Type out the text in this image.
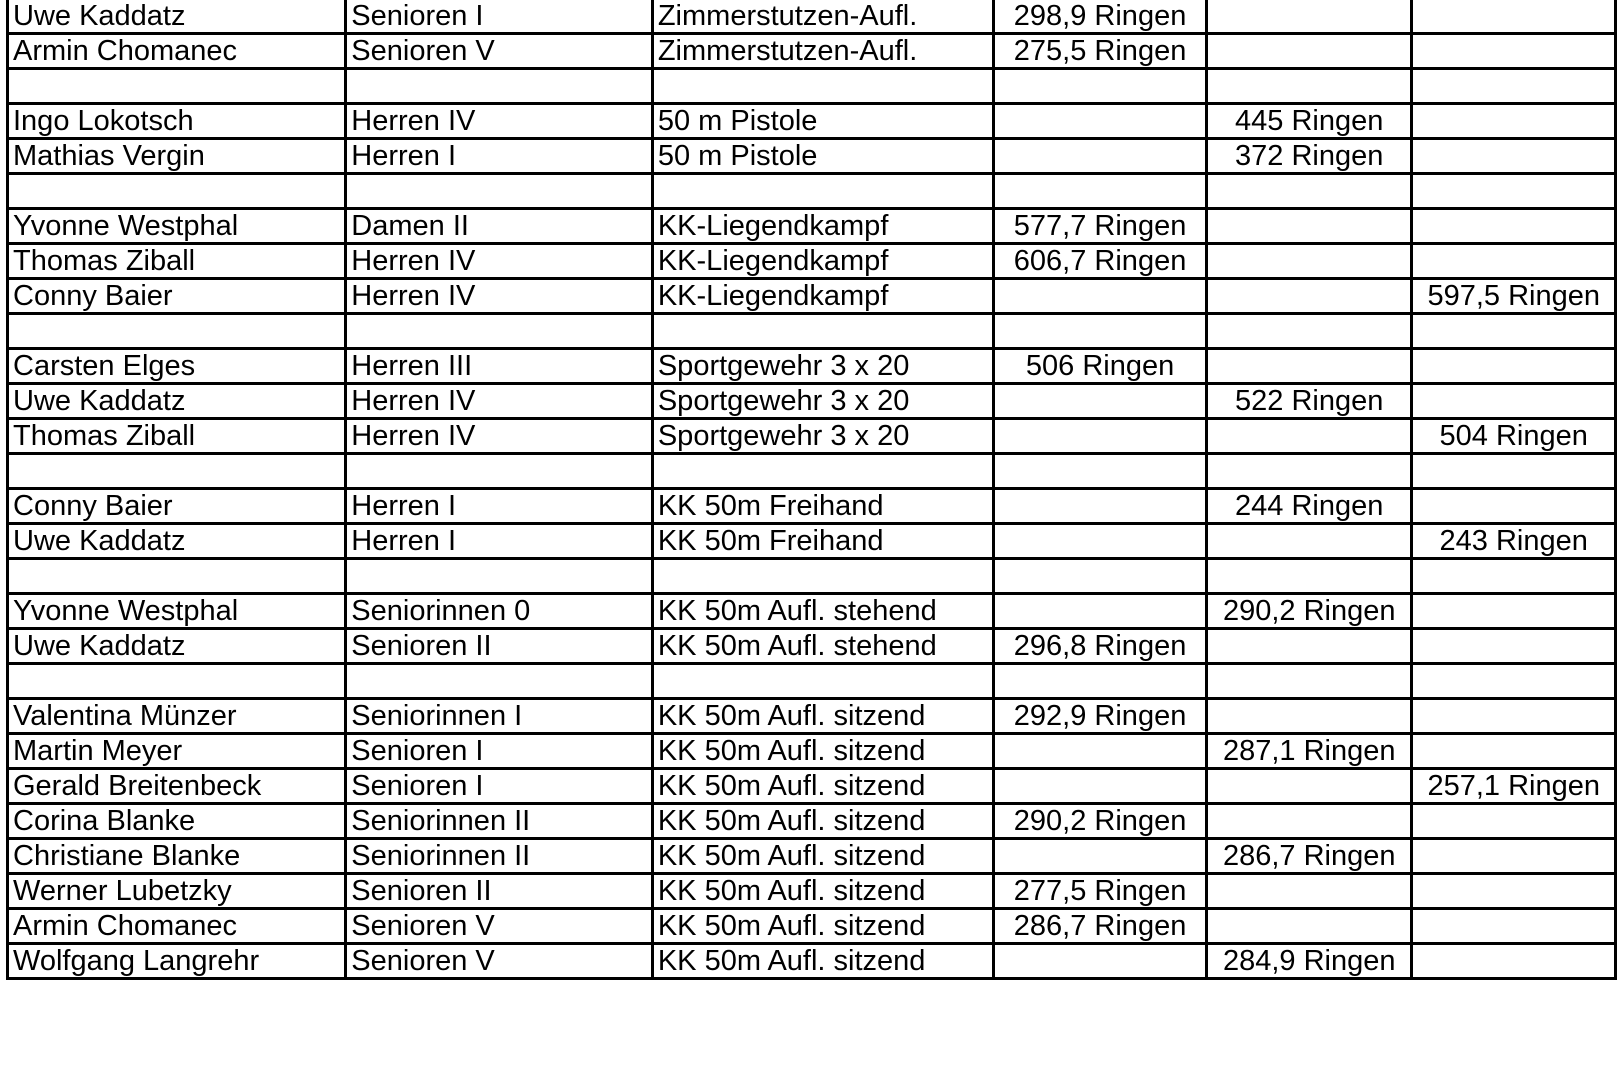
Uwe Kaddatz	Senioren I	Zimmerstutzen-Aufl.	298,9 Ringen		
Armin Chomanec	Senioren V	Zimmerstutzen-Aufl.	275,5 Ringen		

Ingo Lokotsch	Herren IV	50 m Pistole		445 Ringen	
Mathias Vergin	Herren I	50 m Pistole		372 Ringen	

Yvonne Westphal	Damen II	KK-Liegendkampf	577,7 Ringen		
Thomas Ziball	Herren IV	KK-Liegendkampf	606,7 Ringen		
Conny Baier	Herren IV	KK-Liegendkampf			597,5 Ringen

Carsten Elges	Herren III	Sportgewehr 3 x 20	506 Ringen		
Uwe Kaddatz	Herren IV	Sportgewehr 3 x 20		522 Ringen	
Thomas Ziball	Herren IV	Sportgewehr 3 x 20			504 Ringen

Conny Baier	Herren I	KK 50m Freihand		244 Ringen	
Uwe Kaddatz	Herren I	KK 50m Freihand			243 Ringen

Yvonne Westphal	Seniorinnen 0	KK 50m Aufl. stehend		290,2 Ringen	
Uwe Kaddatz	Senioren II	KK 50m Aufl. stehend	296,8 Ringen		

Valentina Münzer	Seniorinnen I	KK 50m Aufl. sitzend	292,9 Ringen		
Martin Meyer	Senioren I	KK 50m Aufl. sitzend		287,1 Ringen	
Gerald Breitenbeck	Senioren I	KK 50m Aufl. sitzend			257,1 Ringen
Corina Blanke	Seniorinnen II	KK 50m Aufl. sitzend	290,2 Ringen		
Christiane Blanke	Seniorinnen II	KK 50m Aufl. sitzend		286,7 Ringen	
Werner Lubetzky	Senioren II	KK 50m Aufl. sitzend	277,5 Ringen		
Armin Chomanec	Senioren V	KK 50m Aufl. sitzend	286,7 Ringen		
Wolfgang Langrehr	Senioren V	KK 50m Aufl. sitzend		284,9 Ringen	
